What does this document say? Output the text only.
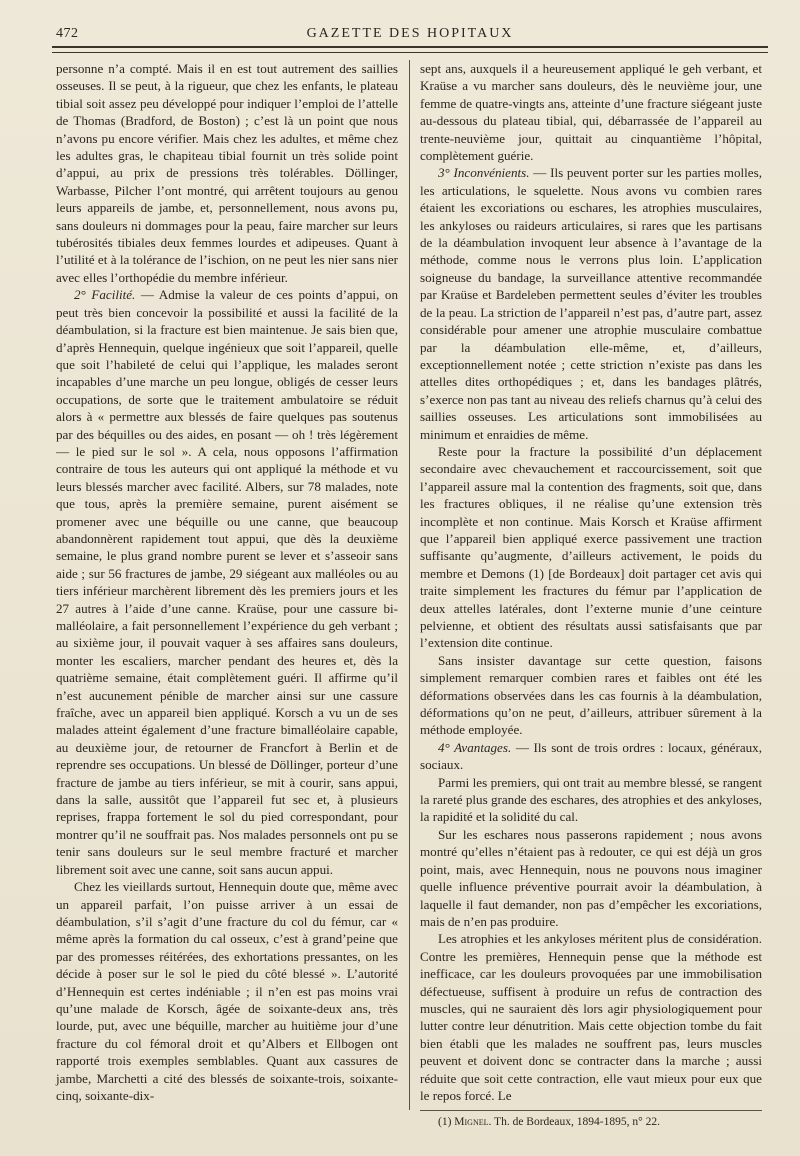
472	GAZETTE DES HOPITAUX

personne n’a compté. Mais il en est tout autrement des saillies osseuses. Il se peut, à la rigueur, que chez les enfants, le plateau tibial soit assez peu développé pour indiquer l’emploi de l’attelle de Thomas (Bradford, de Boston) ; c’est là un point que nous n’avons pu encore vérifier. Mais chez les adultes, et même chez les adultes gras, le chapiteau tibial fournit un très solide point d’appui, au prix de pressions très tolérables. Döllinger, Warbasse, Pilcher l’ont montré, qui arrêtent toujours au genou leurs appareils de jambe, et, personnellement, nous avons pu, sans douleurs ni dommages pour la peau, faire marcher sur leurs tubérosités tibiales deux femmes lourdes et adipeuses. Quant à l’utilité et à la tolérance de l’ischion, on ne peut les nier sans nier avec elles l’orthopédie du membre inférieur.

2° Facilité. — Admise la valeur de ces points d’appui, on peut très bien concevoir la possibilité et aussi la facilité de la déambulation, si la fracture est bien maintenue. Je sais bien que, d’après Hennequin, quelque ingénieux que soit l’appareil, quelle que soit l’habileté de celui qui l’applique, les malades seront incapables d’une marche un peu longue, obligés de cesser leurs occupations, de sorte que le traitement ambulatoire se réduit alors à « permettre aux blessés de faire quelques pas soutenus par des béquilles ou des aides, en posant — oh ! très légèrement — le pied sur le sol ». A cela, nous opposons l’affirmation contraire de tous les auteurs qui ont appliqué la méthode et vu leurs blessés marcher avec facilité. Albers, sur 78 malades, note que tous, après la première semaine, purent aisément se promener avec une béquille ou une canne, que beaucoup abandonnèrent rapidement tout appui, que dès la deuxième semaine, le plus grand nombre purent se lever et s’asseoir sans aide ; sur 56 fractures de jambe, 29 siégeant aux malléoles ou au tiers inférieur marchèrent librement dès les premiers jours et les 27 autres à l’aide d’une canne. Kraüse, pour une cassure bi-malléolaire, a fait personnellement l’expérience du geh verbant ; au sixième jour, il pouvait vaquer à ses affaires sans douleurs, monter les escaliers, marcher pendant des heures et, dès la quatrième semaine, était complètement guéri. Il affirme qu’il n’est aucunement pénible de marcher ainsi sur une cassure fraîche, avec un appareil bien appliqué. Korsch a vu un de ses malades atteint également d’une fracture bimalléolaire capable, au deuxième jour, de retourner de Francfort à Berlin et de reprendre ses occupations. Un blessé de Döllinger, porteur d’une fracture de jambe au tiers inférieur, se mit à courir, sans appui, dans la salle, aussitôt que l’appareil fut sec et, à plusieurs reprises, frappa fortement le sol du pied correspondant, pour montrer qu’il ne souffrait pas. Nos malades personnels ont pu se tenir sans douleurs sur le seul membre fracturé et marcher librement soit avec une canne, soit sans aucun appui.

Chez les vieillards surtout, Hennequin doute que, même avec un appareil parfait, l’on puisse arriver à un essai de déambulation, s’il s’agit d’une fracture du col du fémur, car « même après la formation du cal osseux, c’est à grand’peine que par des promesses réitérées, des exhortations pressantes, on les décide à poser sur le sol le pied du côté blessé ». L’autorité d’Hennequin est certes indéniable ; il n’en est pas moins vrai qu’une malade de Korsch, âgée de soixante-deux ans, très lourde, put, avec une béquille, marcher au huitième jour d’une fracture du col fémoral droit et qu’Albers et Ellbogen ont rapporté trois exemples semblables. Quant aux cassures de jambe, Marchetti a cité des blessés de soixante-trois, soixante-cinq, soixante-dix-

sept ans, auxquels il a heureusement appliqué le geh verbant, et Kraüse a vu marcher sans douleurs, dès le neuvième jour, une femme de quatre-vingts ans, atteinte d’une fracture siégeant juste au-dessous du plateau tibial, qui, débarrassée de l’appareil au trente-neuvième jour, quittait au cinquantième l’hôpital, complètement guérie.

3° Inconvénients. — Ils peuvent porter sur les parties molles, les articulations, le squelette. Nous avons vu combien rares étaient les excoriations ou eschares, les atrophies musculaires, les ankyloses ou raideurs articulaires, si rares que les partisans de la déambulation invoquent leur absence à l’avantage de la méthode, comme nous le verrons plus loin. L’application soigneuse du bandage, la surveillance attentive recommandée par Kraüse et Bardeleben permettent seules d’éviter les troubles de la peau. La striction de l’appareil n’est pas, d’autre part, assez considérable pour amener une atrophie musculaire combattue par la déambulation elle-même, et, d’ailleurs, exceptionnellement notée ; cette striction n’existe pas dans les attelles dites orthopédiques ; et, dans les bandages plâtrés, s’exerce non pas tant au niveau des reliefs charnus qu’à celui des saillies osseuses. Les articulations sont immobilisées au minimum et enraidies de même.

Reste pour la fracture la possibilité d’un déplacement secondaire avec chevauchement et raccourcissement, soit que l’appareil assure mal la contention des fragments, soit que, dans les fractures obliques, il ne réalise qu’une extension très incomplète et non continue. Mais Korsch et Kraüse affirment que l’appareil bien appliqué exerce passivement une traction suffisante qu’augmente, d’ailleurs activement, le poids du membre et Demons (1) [de Bordeaux] doit partager cet avis qui traite simplement les fractures du fémur par l’application de deux attelles latérales, dont l’externe munie d’une ceinture pelvienne, et obtient des résultats aussi satisfaisants que par l’extension dite continue.

Sans insister davantage sur cette question, faisons simplement remarquer combien rares et faibles ont été les déformations observées dans les cas fournis à la déambulation, déformations qu’on ne peut, d’ailleurs, attribuer sûrement à la méthode employée.

4° Avantages. — Ils sont de trois ordres : locaux, généraux, sociaux.

Parmi les premiers, qui ont trait au membre blessé, se rangent la rareté plus grande des eschares, des atrophies et des ankyloses, la rapidité et la solidité du cal.

Sur les eschares nous passerons rapidement ; nous avons montré qu’elles n’étaient pas à redouter, ce qui est déjà un gros point, mais, avec Hennequin, nous ne pouvons nous imaginer quelle influence préventive pourrait avoir la déambulation, à laquelle il faut demander, non pas d’empêcher les excoriations, mais de n’en pas produire.

Les atrophies et les ankyloses méritent plus de considération. Contre les premières, Hennequin pense que la méthode est inefficace, car les douleurs provoquées par une immobilisation défectueuse, suffisent à produire un refus de contraction des muscles, qui ne sauraient dès lors agir physiologiquement pour lutter contre leur dénutrition. Mais cette objection tombe du fait bien établi que les malades ne souffrent pas, leurs muscles peuvent et doivent donc se contracter dans la marche ; aussi réduite que soit cette contraction, elle vaut mieux pour eux que le repos forcé. Le

(1) Mignel. Th. de Bordeaux, 1894-1895, n° 22.
